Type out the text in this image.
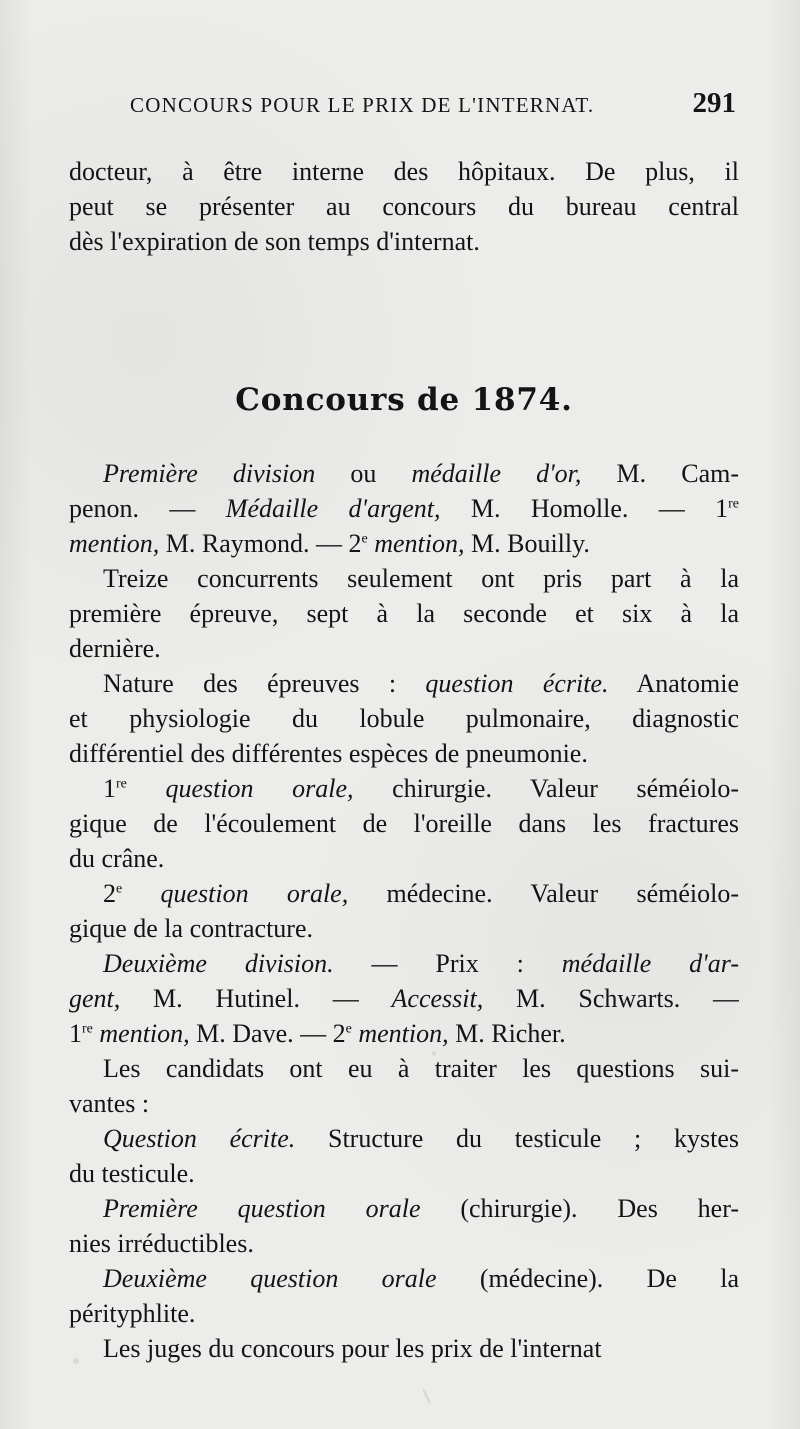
CONCOURS POUR LE PRIX DE L'INTERNAT.	291
docteur, à être interne des hôpitaux. De plus, il
peut se présenter au concours du bureau central
dès l'expiration de son temps d'internat.
Concours de 1874.
Première division ou médaille d'or, M. Cam-
penon. — Médaille d'argent, M. Homolle. — 1re
mention, M. Raymond. — 2e mention, M. Bouilly.
Treize concurrents seulement ont pris part à la
première épreuve, sept à la seconde et six à la
dernière.
Nature des épreuves : question écrite. Anatomie
et physiologie du lobule pulmonaire, diagnostic
différentiel des différentes espèces de pneumonie.
1re question orale, chirurgie. Valeur séméiolo-
gique de l'écoulement de l'oreille dans les fractures
du crâne.
2e question orale, médecine. Valeur séméiolo-
gique de la contracture.
Deuxième division. — Prix : médaille d'ar-
gent, M. Hutinel. — Accessit, M. Schwarts. —
1re mention, M. Dave. — 2e mention, M. Richer.
Les candidats ont eu à traiter les questions sui-
vantes :
Question écrite. Structure du testicule ; kystes
du testicule.
Première question orale (chirurgie). Des her-
nies irréductibles.
Deuxième question orale (médecine). De la
pérityphlite.
Les juges du concours pour les prix de l'internat
